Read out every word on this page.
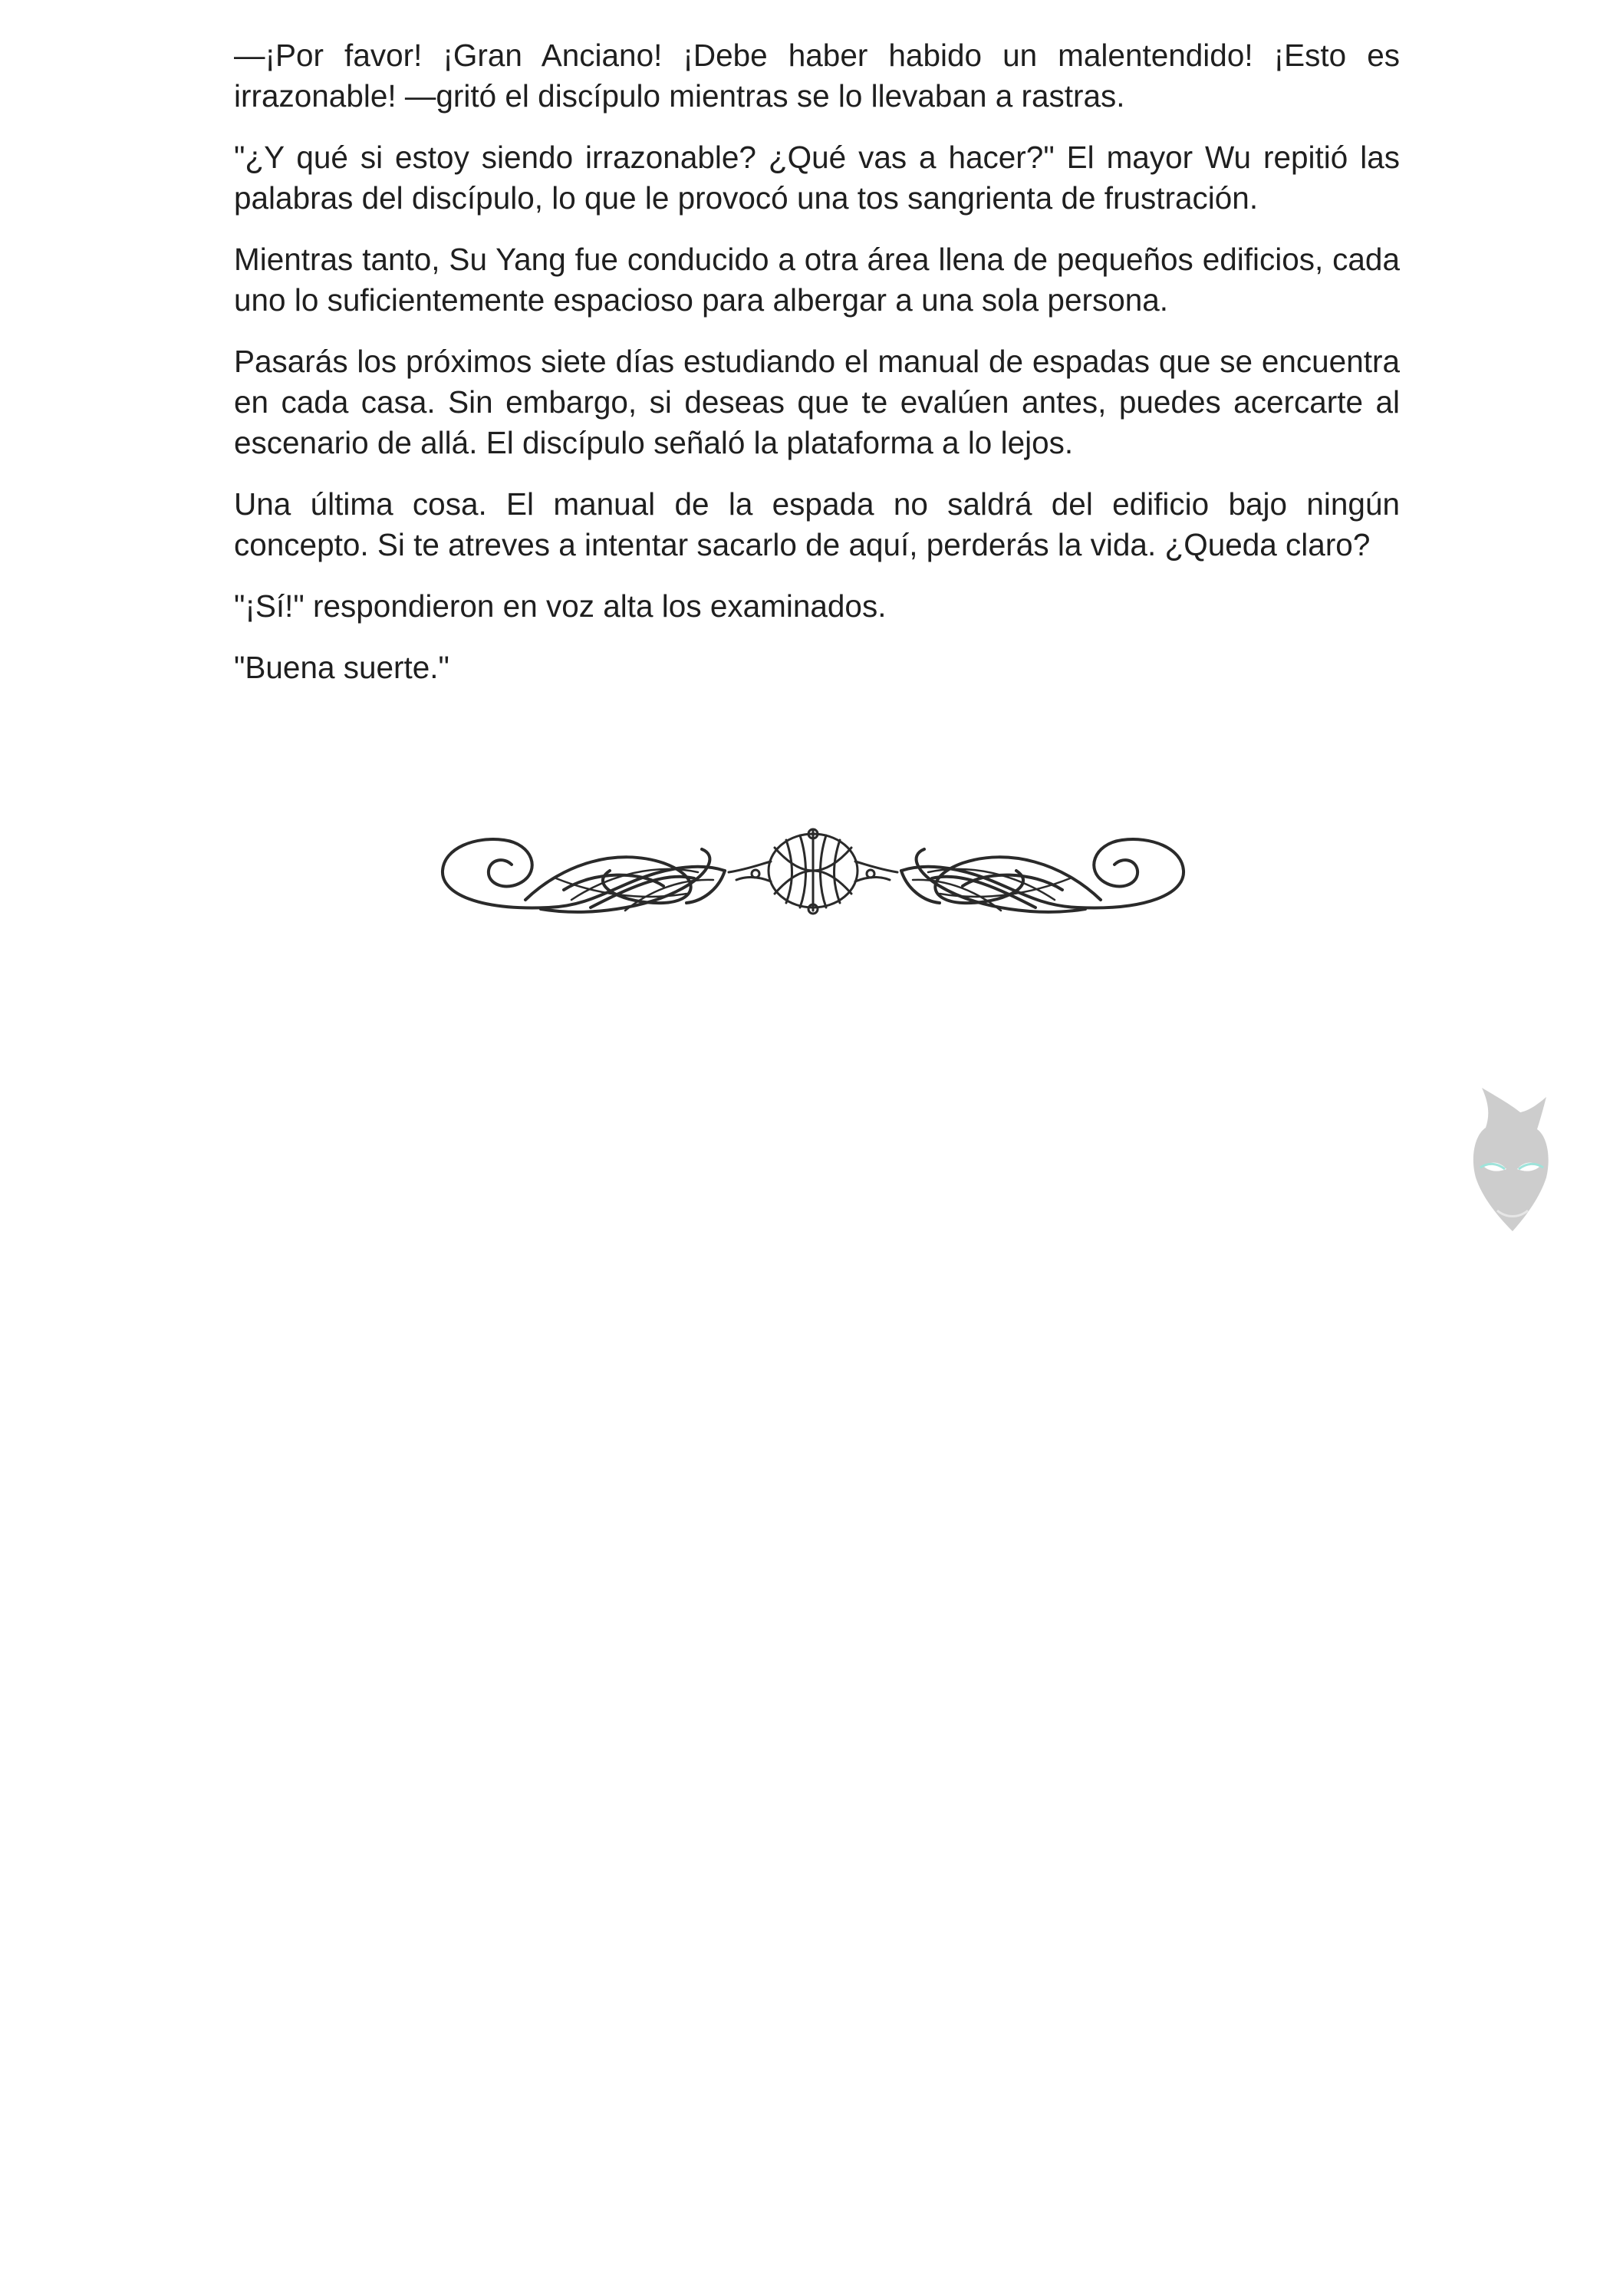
—¡Por favor! ¡Gran Anciano! ¡Debe haber habido un malentendido! ¡Esto es irrazonable! —gritó el discípulo mientras se lo llevaban a rastras.

"¿Y qué si estoy siendo irrazonable? ¿Qué vas a hacer?" El mayor Wu repitió las palabras del discípulo, lo que le provocó una tos sangrienta de frustración.

Mientras tanto, Su Yang fue conducido a otra área llena de pequeños edificios, cada uno lo suficientemente espacioso para albergar a una sola persona.

Pasarás los próximos siete días estudiando el manual de espadas que se encuentra en cada casa. Sin embargo, si deseas que te evalúen antes, puedes acercarte al escenario de allá. El discípulo señaló la plataforma a lo lejos.

Una última cosa. El manual de la espada no saldrá del edificio bajo ningún concepto. Si te atreves a intentar sacarlo de aquí, perderás la vida. ¿Queda claro?

"¡Sí!" respondieron en voz alta los examinados.

"Buena suerte."
